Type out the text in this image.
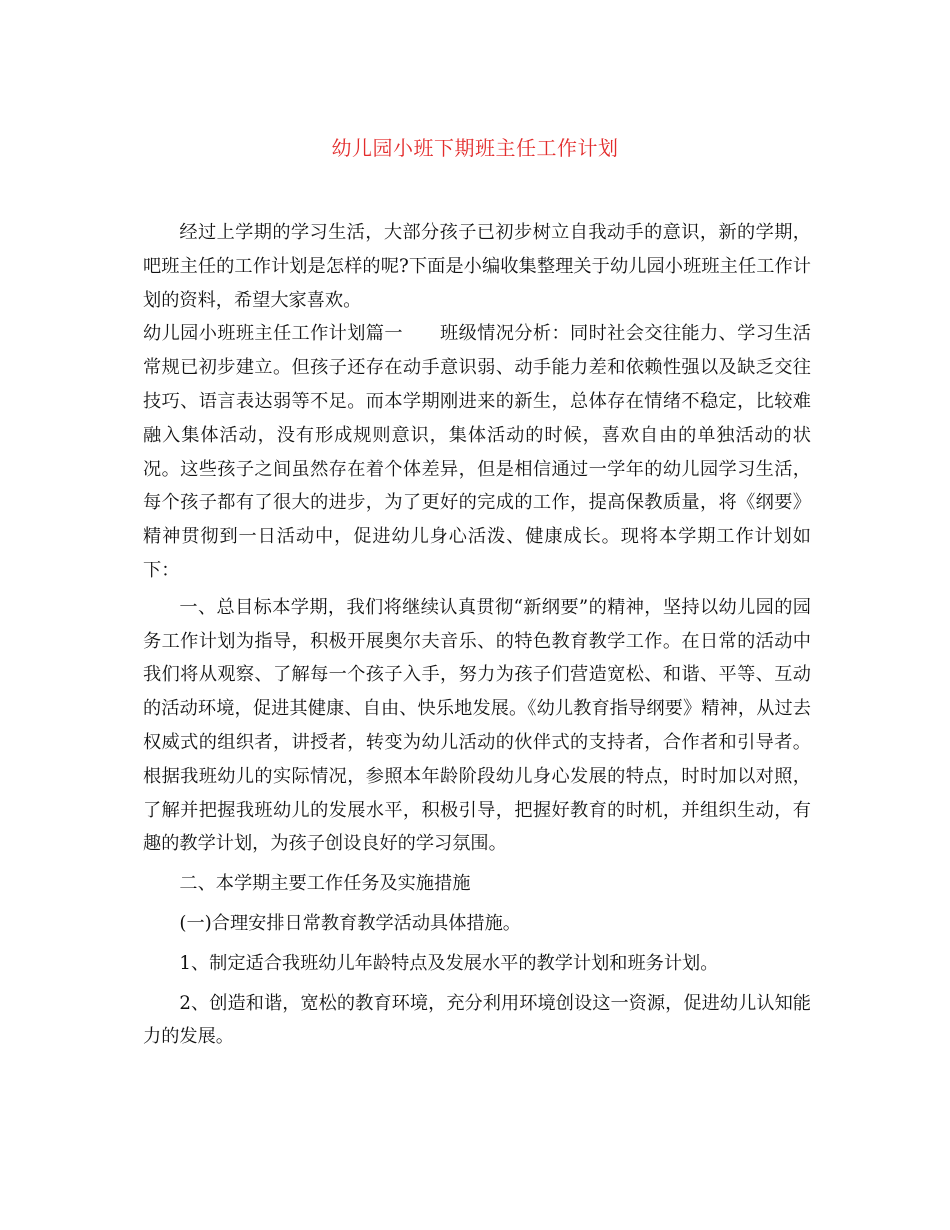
幼儿园小班下期班主任工作计划

经过上学期的学习生活，大部分孩子已初步树立自我动手的意识，新的学期，吧班主任的工作计划是怎样的呢?下面是小编收集整理关于幼儿园小班班主任工作计划的资料，希望大家喜欢。

幼儿园小班班主任工作计划篇一　　班级情况分析：同时社会交往能力、学习生活常规已初步建立。但孩子还存在动手意识弱、动手能力差和依赖性强以及缺乏交往技巧、语言表达弱等不足。而本学期刚进来的新生，总体存在情绪不稳定，比较难融入集体活动，没有形成规则意识，集体活动的时候，喜欢自由的单独活动的状况。这些孩子之间虽然存在着个体差异，但是相信通过一学年的幼儿园学习生活，每个孩子都有了很大的进步，为了更好的完成的工作，提高保教质量，将《纲要》精神贯彻到一日活动中，促进幼儿身心活泼、健康成长。现将本学期工作计划如下：

一、总目标本学期，我们将继续认真贯彻“新纲要”的精神，坚持以幼儿园的园务工作计划为指导，积极开展奥尔夫音乐、的特色教育教学工作。在日常的活动中我们将从观察、了解每一个孩子入手，努力为孩子们营造宽松、和谐、平等、互动的活动环境，促进其健康、自由、快乐地发展。《幼儿教育指导纲要》精神，从过去权威式的组织者，讲授者，转变为幼儿活动的伙伴式的支持者，合作者和引导者。根据我班幼儿的实际情况，参照本年龄阶段幼儿身心发展的特点，时时加以对照，了解并把握我班幼儿的发展水平，积极引导，把握好教育的时机，并组织生动，有趣的教学计划，为孩子创设良好的学习氛围。

二、本学期主要工作任务及实施措施

(一)合理安排日常教育教学活动具体措施。

1、制定适合我班幼儿年龄特点及发展水平的教学计划和班务计划。

2、创造和谐，宽松的教育环境，充分利用环境创设这一资源，促进幼儿认知能力的发展。
